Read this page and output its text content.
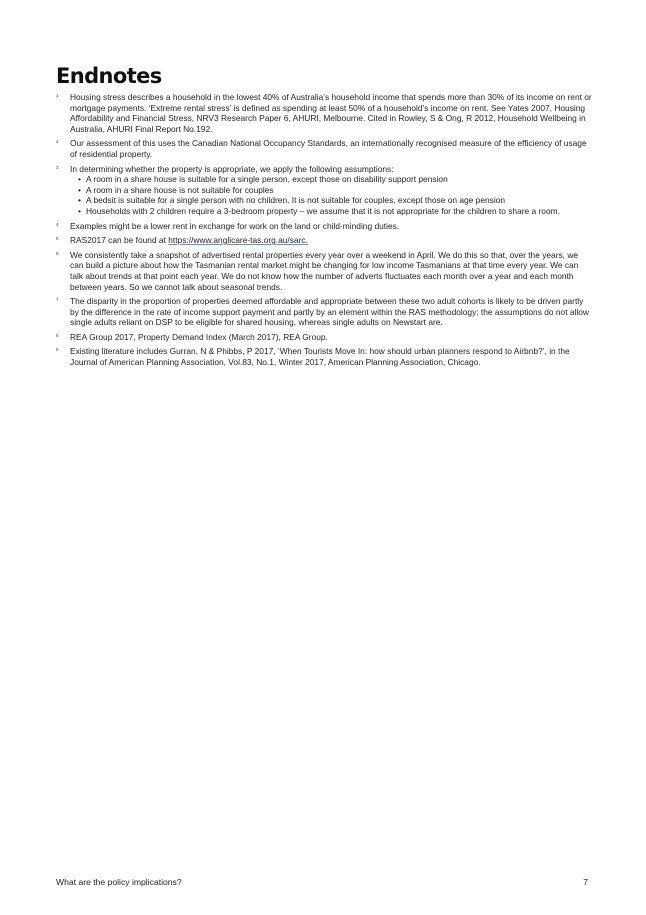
Endnotes
1	Housing stress describes a household in the lowest 40% of Australia’s household income that spends more than 30% of its income on rent or mortgage payments. ‘Extreme rental stress’ is defined as spending at least 50% of a household’s income on rent. See Yates 2007, Housing Affordability and Financial Stress, NRV3 Research Paper 6, AHURI, Melbourne. Cited in Rowley, S & Ong, R 2012, Household Wellbeing in Australia, AHURI Final Report No.192.
2	Our assessment of this uses the Canadian National Occupancy Standards, an internationally recognised measure of the efficiency of usage of residential property.
3	In determining whether the property is appropriate, we apply the following assumptions:
• A room in a share house is suitable for a single person, except those on disability support pension
• A room in a share house is not suitable for couples
• A bedsit is suitable for a single person with no children. It is not suitable for couples, except those on age pension
• Households with 2 children require a 3-bedroom property – we assume that it is not appropriate for the children to share a room.
4	Examples might be a lower rent in exchange for work on the land or child-minding duties.
5	RAS2017 can be found at https://www.anglicare-tas.org.au/sarc.
6	We consistently take a snapshot of advertised rental properties every year over a weekend in April. We do this so that, over the years, we can build a picture about how the Tasmanian rental market might be changing for low income Tasmanians at that time every year. We can talk about trends at that point each year. We do not know how the number of adverts fluctuates each month over a year and each month between years. So we cannot talk about seasonal trends.
7	The disparity in the proportion of properties deemed affordable and appropriate between these two adult cohorts is likely to be driven partly by the difference in the rate of income support payment and partly by an element within the RAS methodology; the assumptions do not allow single adults reliant on DSP to be eligible for shared housing, whereas single adults on Newstart are.
8	REA Group 2017, Property Demand Index (March 2017), REA Group.
9	Existing literature includes Gurran, N & Phibbs, P 2017, ‘When Tourists Move In: how should urban planners respond to Airbnb?’, in the Journal of American Planning Association, Vol.83, No.1, Winter 2017, American Planning Association, Chicago.
What are the policy implications?	7
